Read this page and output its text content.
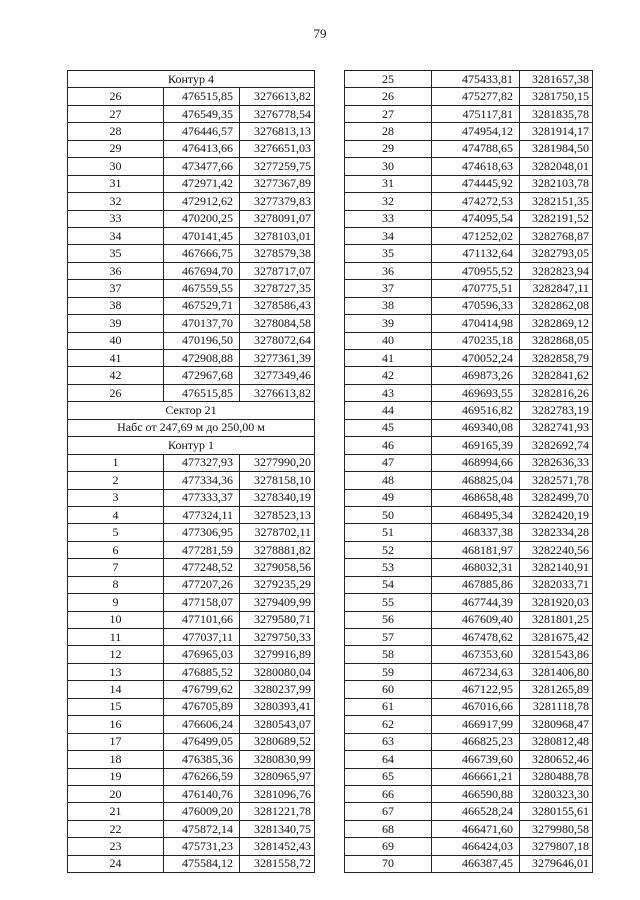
79
Контур 4		
26	476515,85	3276613,82
27	476549,35	3276778,54
28	476446,57	3276813,13
29	476413,66	3276651,03
30	473477,66	3277259,75
31	472971,42	3277367,89
32	472912,62	3277379,83
33	470200,25	3278091,07
34	470141,45	3278103,01
35	467666,75	3278579,38
36	467694,70	3278717,07
37	467559,55	3278727,35
38	467529,71	3278586,43
39	470137,70	3278084,58
40	470196,50	3278072,64
41	472908,88	3277361,39
42	472967,68	3277349,46
26	476515,85	3276613,82
Сектор 21		
Набс от 247,69 м до 250,00 м		
Контур 1		
1	477327,93	3277990,20
2	477334,36	3278158,10
3	477333,37	3278340,19
4	477324,11	3278523,13
5	477306,95	3278702,11
6	477281,59	3278881,82
7	477248,52	3279058,56
8	477207,26	3279235,29
9	477158,07	3279409,99
10	477101,66	3279580,71
11	477037,11	3279750,33
12	476965,03	3279916,89
13	476885,52	3280080,04
14	476799,62	3280237,99
15	476705,89	3280393,41
16	476606,24	3280543,07
17	476499,05	3280689,52
18	476385,36	3280830,99
19	476266,59	3280965,97
20	476140,76	3281096,76
21	476009,20	3281221,78
22	475872,14	3281340,75
23	475731,23	3281452,43
24	475584,12	3281558,72
25	475433,81	3281657,38
26	475277,82	3281750,15
27	475117,81	3281835,78
28	474954,12	3281914,17
29	474788,65	3281984,50
30	474618,63	3282048,01
31	474445,92	3282103,78
32	474272,53	3282151,35
33	474095,54	3282191,52
34	471252,02	3282768,87
35	471132,64	3282793,05
36	470955,52	3282823,94
37	470775,51	3282847,11
38	470596,33	3282862,08
39	470414,98	3282869,12
40	470235,18	3282868,05
41	470052,24	3282858,79
42	469873,26	3282841,62
43	469693,55	3282816,26
44	469516,82	3282783,19
45	469340,08	3282741,93
46	469165,39	3282692,74
47	468994,66	3282636,33
48	468825,04	3282571,78
49	468658,48	3282499,70
50	468495,34	3282420,19
51	468337,38	3282334,28
52	468181,97	3282240,56
53	468032,31	3282140,91
54	467885,86	3282033,71
55	467744,39	3281920,03
56	467609,40	3281801,25
57	467478,62	3281675,42
58	467353,60	3281543,86
59	467234,63	3281406,80
60	467122,95	3281265,89
61	467016,66	3281118,78
62	466917,99	3280968,47
63	466825,23	3280812,48
64	466739,60	3280652,46
65	466661,21	3280488,78
66	466590,88	3280323,30
67	466528,24	3280155,61
68	466471,60	3279980,58
69	466424,03	3279807,18
70	466387,45	3279646,01
